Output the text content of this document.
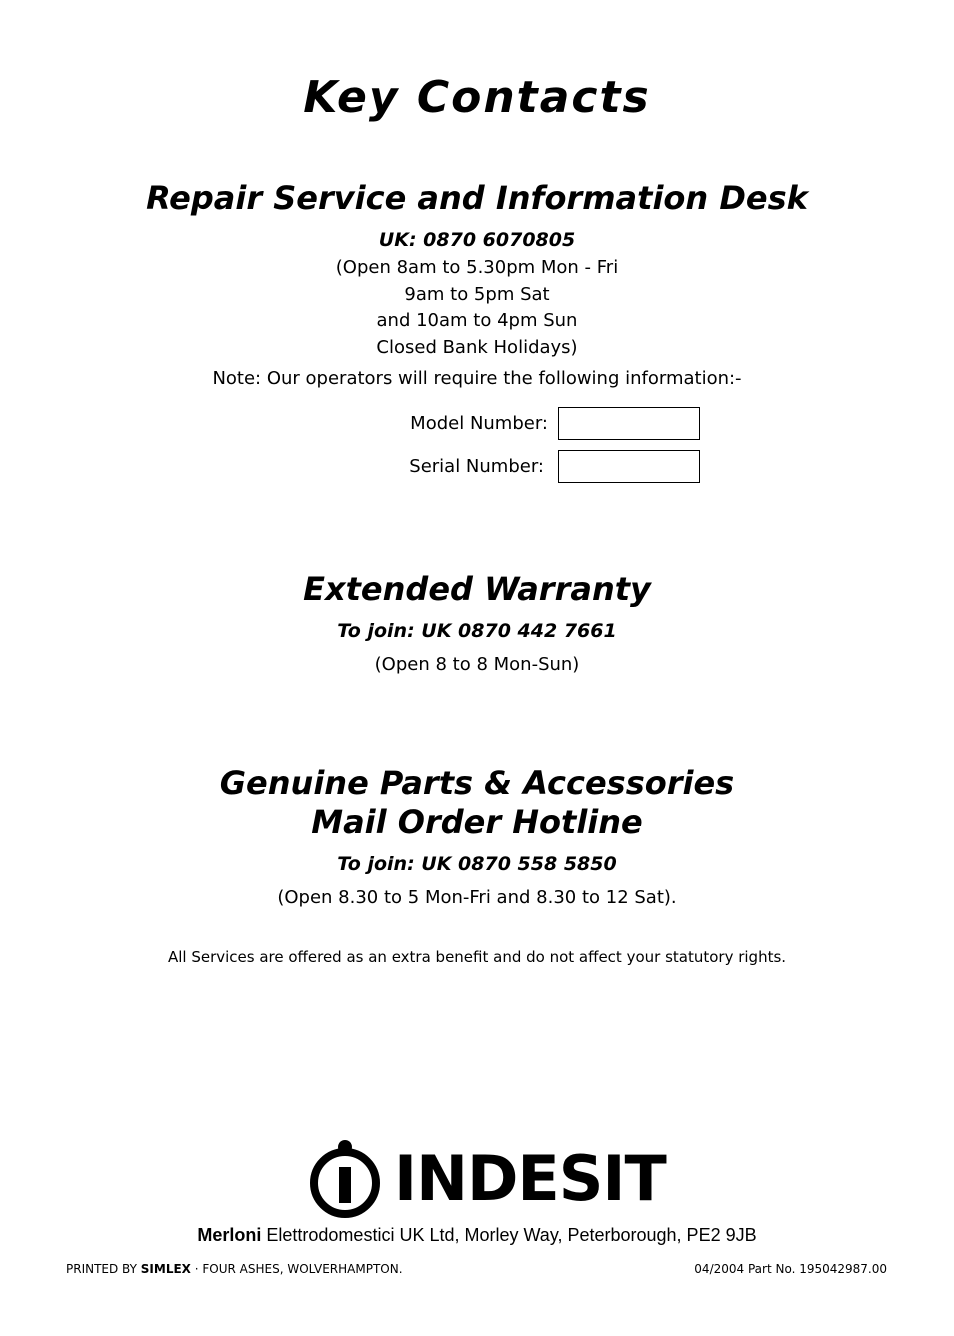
Key Contacts
Repair Service and Information Desk
UK: 0870 6070805
(Open 8am to 5.30pm Mon - Fri
9am to 5pm Sat
and 10am to 4pm Sun
Closed Bank Holidays)
Note: Our operators will require the following information:-
Model Number:
Serial Number:
Extended Warranty
To join: UK 0870 442 7661
(Open 8 to 8 Mon-Sun)
Genuine Parts & Accessories
Mail Order Hotline
To join: UK 0870 558 5850
(Open 8.30 to 5 Mon-Fri and 8.30 to 12 Sat).
All Services are offered as an extra benefit and do not affect your statutory rights.
INDESIT
Merloni Elettrodomestici UK Ltd, Morley Way, Peterborough, PE2 9JB
PRINTED BY SIMLEX · FOUR ASHES, WOLVERHAMPTON.	04/2004 Part No. 195042987.00
